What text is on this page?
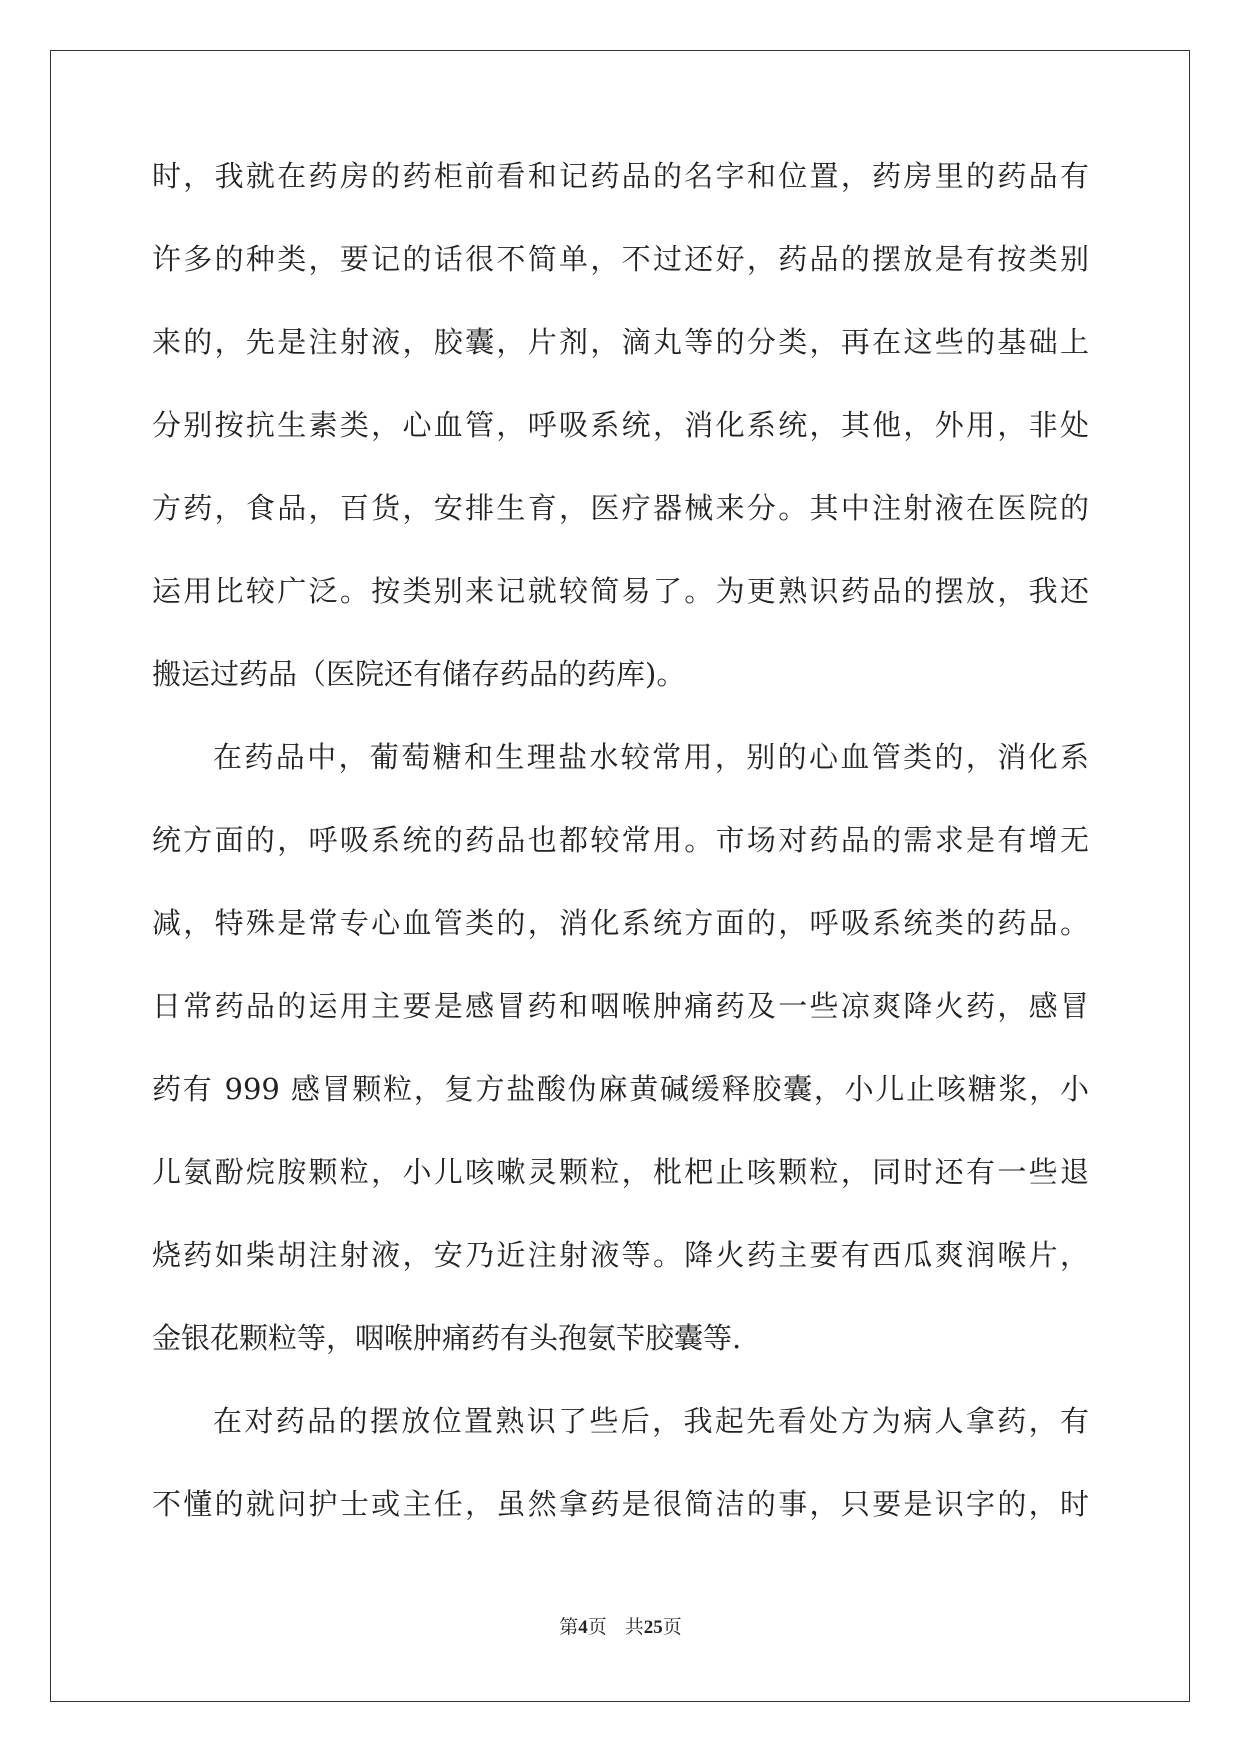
时，我就在药房的药柜前看和记药品的名字和位置，药房里的药品有
许多的种类，要记的话很不简单，不过还好，药品的摆放是有按类别
来的，先是注射液，胶囊，片剂，滴丸等的分类，再在这些的基础上
分别按抗生素类，心血管，呼吸系统，消化系统，其他，外用，非处
方药，食品，百货，安排生育，医疗器械来分。其中注射液在医院的
运用比较广泛。按类别来记就较简易了。为更熟识药品的摆放，我还
搬运过药品（医院还有储存药品的药库)。
在药品中，葡萄糖和生理盐水较常用，别的心血管类的，消化系
统方面的，呼吸系统的药品也都较常用。市场对药品的需求是有增无
减，特殊是常专心血管类的，消化系统方面的，呼吸系统类的药品。
日常药品的运用主要是感冒药和咽喉肿痛药及一些凉爽降火药，感冒
药有 999 感冒颗粒，复方盐酸伪麻黄碱缓释胶囊，小儿止咳糖浆，小
儿氨酚烷胺颗粒，小儿咳嗽灵颗粒，枇杷止咳颗粒，同时还有一些退
烧药如柴胡注射液，安乃近注射液等。降火药主要有西瓜爽润喉片，
金银花颗粒等，咽喉肿痛药有头孢氨苄胶囊等.
在对药品的摆放位置熟识了些后，我起先看处方为病人拿药，有
不懂的就问护士或主任，虽然拿药是很简洁的事，只要是识字的，时
第4页 共25页
